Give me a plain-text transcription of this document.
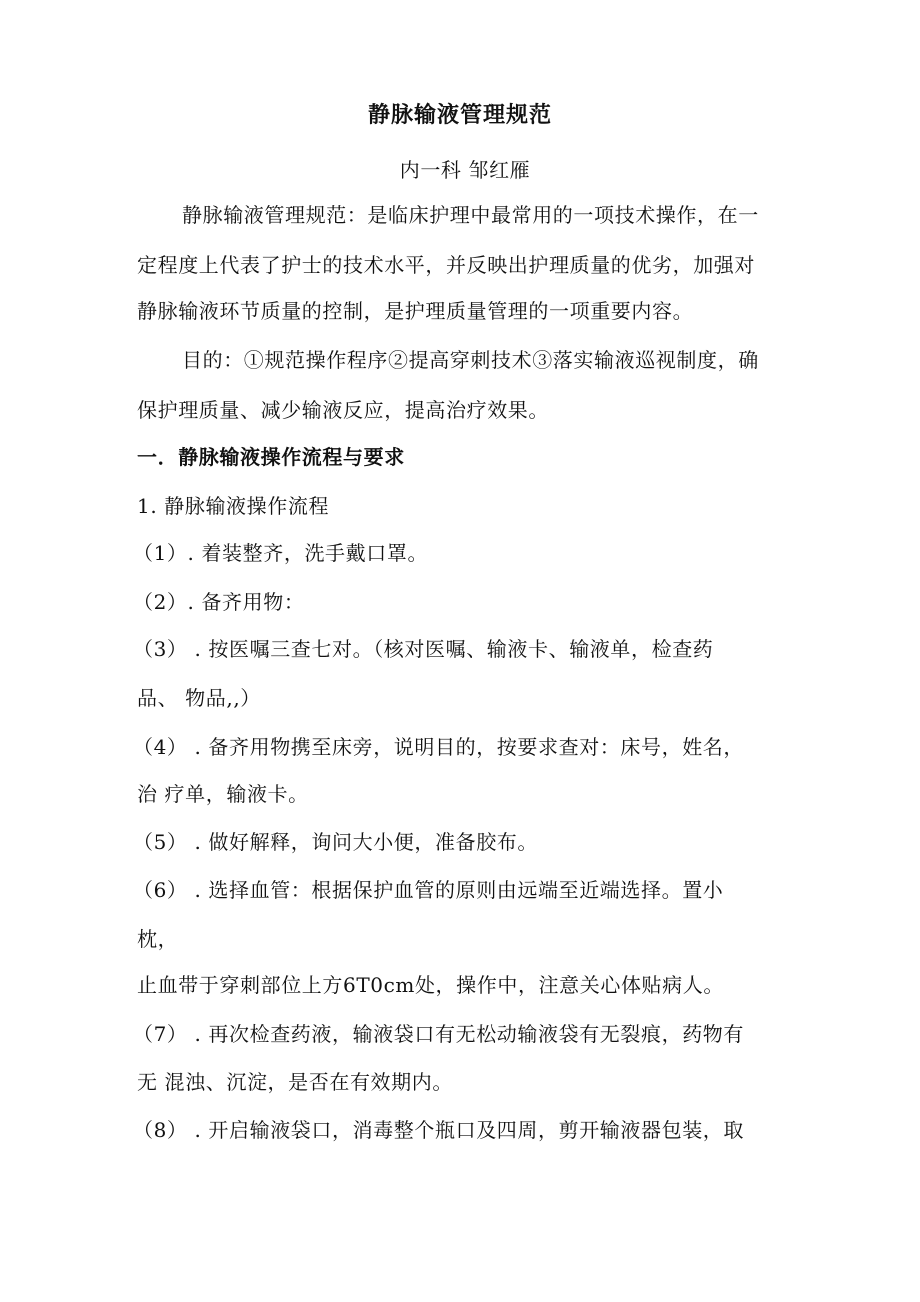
静脉输液管理规范
内一科 邹红雁
静脉输液管理规范：是临床护理中最常用的一项技术操作，在一
定程度上代表了护士的技术水平，并反映出护理质量的优劣，加强对
静脉输液环节质量的控制，是护理质量管理的一项重要内容。
目的：①规范操作程序②提高穿刺技术③落实输液巡视制度，确
保护理质量、减少输液反应，提高治疗效果。
一．静脉输液操作流程与要求
1. 静脉输液操作流程
（1）. 着装整齐，洗手戴口罩。
（2）. 备齐用物：
（3） . 按医嘱三查七对。（核对医嘱、输液卡、输液单，检查药
品、 物品,,）
（4） . 备齐用物携至床旁，说明目的，按要求查对：床号，姓名，
治 疗单，输液卡。
（5） . 做好解释，询问大小便，准备胶布。
（6） . 选择血管：根据保护血管的原则由远端至近端选择。置小
枕，
止血带于穿刺部位上方6T0cm处，操作中，注意关心体贴病人。
（7） . 再次检查药液，输液袋口有无松动输液袋有无裂痕，药物有
无 混浊、沉淀，是否在有效期内。
（8） . 开启输液袋口，消毒整个瓶口及四周，剪开输液器包装，取
